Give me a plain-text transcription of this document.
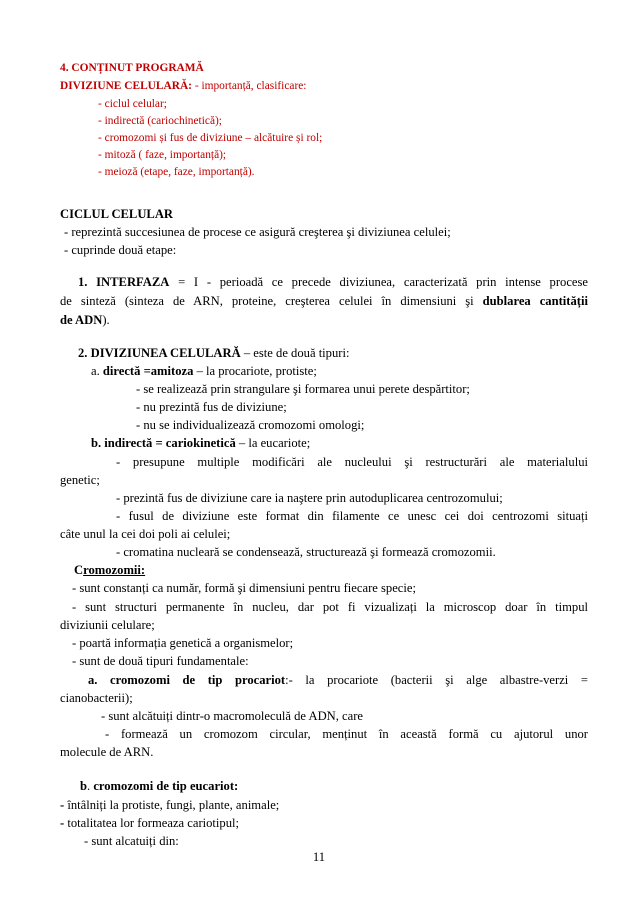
4. CONȚINUT PROGRAMĂ
DIVIZIUNE CELULARĂ: - importanță, clasificare:
- ciclul celular;
- indirectă (cariochinetică);
- cromozomi și fus de diviziune – alcătuire și rol;
- mitoză ( faze, importanță);
- meioză (etape, faze, importanță).
CICLUL CELULAR
- reprezintă succesiunea de procese ce asigură creşterea şi diviziunea celulei;
- cuprinde două etape:
1. INTERFAZA = I - perioadă ce precede diviziunea, caracterizată prin intense procese
de sinteză (sinteza de ARN, proteine, creşterea celulei în dimensiuni şi dublarea cantității
de ADN).
2. DIVIZIUNEA CELULARĂ – este de două tipuri:
a. directă =amitoza – la procariote, protiste;
- se realizează prin strangulare şi formarea unui perete despărtitor;
- nu prezintă fus de diviziune;
- nu se individualizează cromozomi omologi;
b. indirectă = cariokinetică – la eucariote;
- presupune multiple modificări ale nucleului şi restructurări ale materialului
genetic;
- prezintă fus de diviziune care ia naştere prin autoduplicarea centrozomului;
- fusul de diviziune este format din filamente ce unesc cei doi centrozomi situați
câte unul la cei doi poli ai celulei;
- cromatina nucleară se condensează, structurează şi formează cromozomii.
Cromozomii:
- sunt constanți ca număr, formă şi dimensiuni pentru fiecare specie;
- sunt structuri permanente în nucleu, dar pot fi vizualizați la microscop doar în timpul
diviziunii celulare;
- poartă informația genetică a organismelor;
- sunt de două tipuri fundamentale:
a. cromozomi de tip procariot:- la procariote (bacterii şi alge albastre-verzi =
cianobacterii);
- sunt alcătuiți dintr-o macromoleculă de ADN, care
- formează un cromozom circular, menținut în această formă cu ajutorul unor
molecule de ARN.
b. cromozomi de tip eucariot:
- întâlniți la protiste, fungi, plante, animale;
- totalitatea lor formeaza cariotipul;
- sunt alcatuiți din:
11
